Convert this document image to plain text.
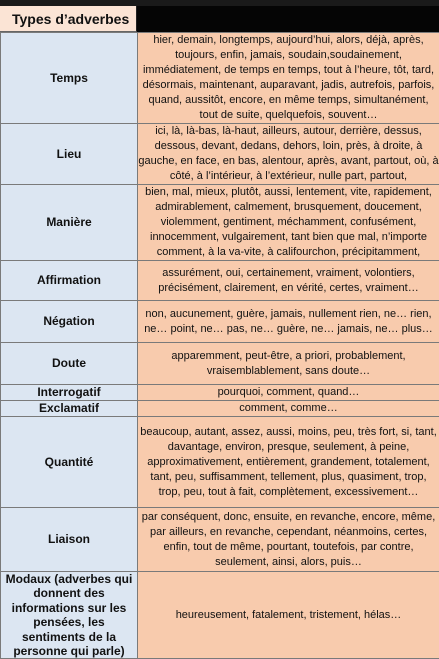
Types d’adverbes
Temps	hier, demain, longtemps, aujourd’hui, alors, déjà, après, toujours, enfin, jamais, soudain,soudainement, immédiatement, de temps en temps, tout à l’heure, tôt, tard, désormais, maintenant, auparavant, jadis, autrefois, parfois, quand, aussitôt, encore, en même temps, simultanément, tout de suite, quelquefois, souvent…
Lieu	ici, là, là-bas, là-haut, ailleurs, autour, derrière, dessus, dessous, devant, dedans, dehors, loin, près, à droite, à gauche, en face, en bas, alentour, après, avant, partout, où, à côté, à l’intérieur, à l’extérieur, nulle part, partout,
Manière	bien, mal, mieux, plutôt, aussi, lentement, vite, rapidement, admirablement, calmement, brusquement, doucement, violemment, gentiment, méchamment, confusément, innocemment, vulgairement, tant bien que mal, n’importe comment, à la va-vite, à califourchon, précipitamment,
Affirmation	assurément, oui, certainement, vraiment, volontiers, précisément, clairement, en vérité, certes, vraiment…
Négation	non, aucunement, guère, jamais, nullement rien, ne… rien, ne… point, ne… pas, ne… guère, ne… jamais, ne… plus…
Doute	apparemment, peut-être, a priori, probablement, vraisemblablement, sans doute…
Interrogatif	pourquoi, comment, quand…
Exclamatif	comment, comme…
Quantité	beaucoup, autant, assez, aussi, moins, peu, très fort, si, tant, davantage, environ, presque, seulement, à peine, approximativement, entièrement, grandement, totalement, tant, peu, suffisamment, tellement, plus, quasiment, trop, trop, peu, tout à fait, complètement, excessivement…
Liaison	par conséquent, donc, ensuite, en revanche, encore, même, par ailleurs, en revanche, cependant, néanmoins, certes, enfin, tout de même, pourtant, toutefois, par contre, seulement, ainsi, alors, puis…
Modaux (adverbes qui donnent des informations sur les pensées, les sentiments de la personne qui parle)	heureusement, fatalement, tristement, hélas…
